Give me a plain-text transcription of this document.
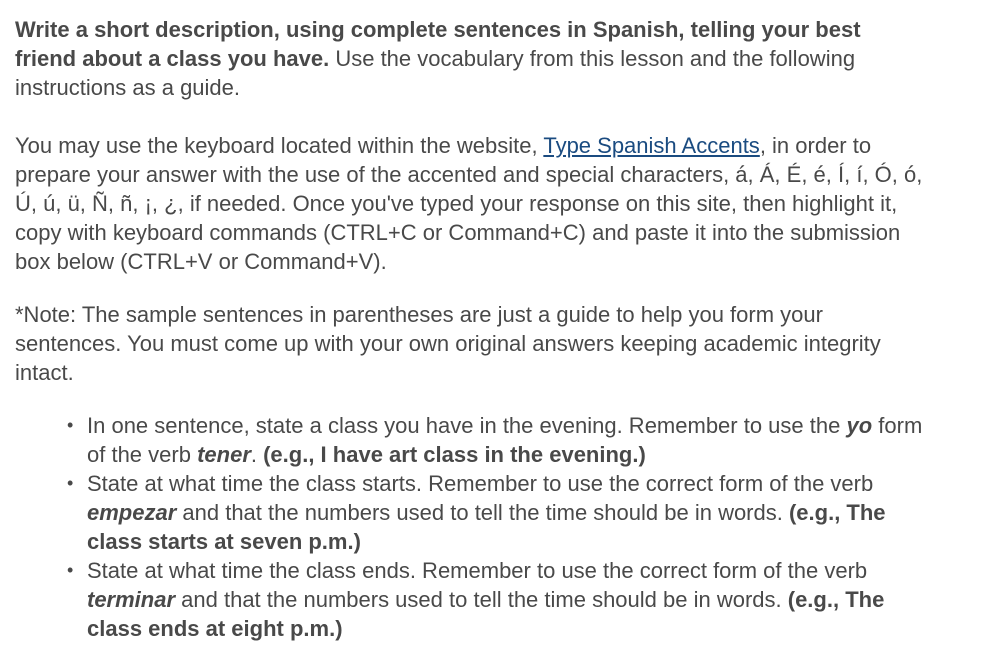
Write a short description, using complete sentences in Spanish, telling your best friend about a class you have. Use the vocabulary from this lesson and the following instructions as a guide.

You may use the keyboard located within the website, Type Spanish Accents, in order to prepare your answer with the use of the accented and special characters, á, Á, É, é, Í, í, Ó, ó, Ú, ú, ü, Ñ, ñ, ¡, ¿, if needed. Once you've typed your response on this site, then highlight it, copy with keyboard commands (CTRL+C or Command+C) and paste it into the submission box below (CTRL+V or Command+V).

*Note: The sample sentences in parentheses are just a guide to help you form your sentences. You must come up with your own original answers keeping academic integrity intact.

• In one sentence, state a class you have in the evening. Remember to use the yo form of the verb tener. (e.g., I have art class in the evening.)
• State at what time the class starts. Remember to use the correct form of the verb empezar and that the numbers used to tell the time should be in words. (e.g., The class starts at seven p.m.)
• State at what time the class ends. Remember to use the correct form of the verb terminar and that the numbers used to tell the time should be in words. (e.g., The class ends at eight p.m.)
